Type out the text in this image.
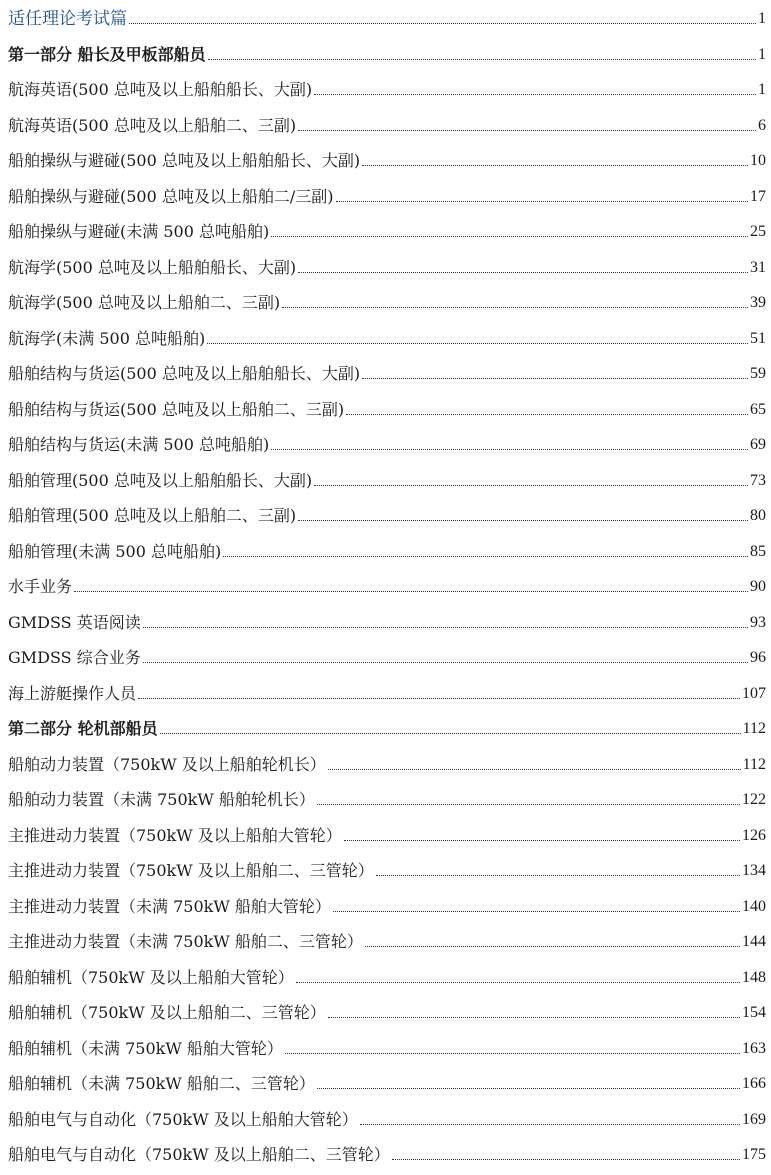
适任理论考试篇	1
第一部分 船长及甲板部船员	1
航海英语(500 总吨及以上船舶船长、大副)	1
航海英语(500 总吨及以上船舶二、三副)	6
船舶操纵与避碰(500 总吨及以上船舶船长、大副)	10
船舶操纵与避碰(500 总吨及以上船舶二/三副)	17
船舶操纵与避碰(未满 500 总吨船舶)	25
航海学(500 总吨及以上船舶船长、大副)	31
航海学(500 总吨及以上船舶二、三副)	39
航海学(未满 500 总吨船舶)	51
船舶结构与货运(500 总吨及以上船舶船长、大副)	59
船舶结构与货运(500 总吨及以上船舶二、三副)	65
船舶结构与货运(未满 500 总吨船舶)	69
船舶管理(500 总吨及以上船舶船长、大副)	73
船舶管理(500 总吨及以上船舶二、三副)	80
船舶管理(未满 500 总吨船舶)	85
水手业务	90
GMDSS 英语阅读	93
GMDSS 综合业务	96
海上游艇操作人员	107
第二部分 轮机部船员	112
船舶动力装置（750kW 及以上船舶轮机长）	112
船舶动力装置（未满 750kW 船舶轮机长）	122
主推进动力装置（750kW 及以上船舶大管轮）	126
主推进动力装置（750kW 及以上船舶二、三管轮）	134
主推进动力装置（未满 750kW 船舶大管轮）	140
主推进动力装置（未满 750kW 船舶二、三管轮）	144
船舶辅机（750kW 及以上船舶大管轮）	148
船舶辅机（750kW 及以上船舶二、三管轮）	154
船舶辅机（未满 750kW 船舶大管轮）	163
船舶辅机（未满 750kW 船舶二、三管轮）	166
船舶电气与自动化（750kW 及以上船舶大管轮）	169
船舶电气与自动化（750kW 及以上船舶二、三管轮）	175
